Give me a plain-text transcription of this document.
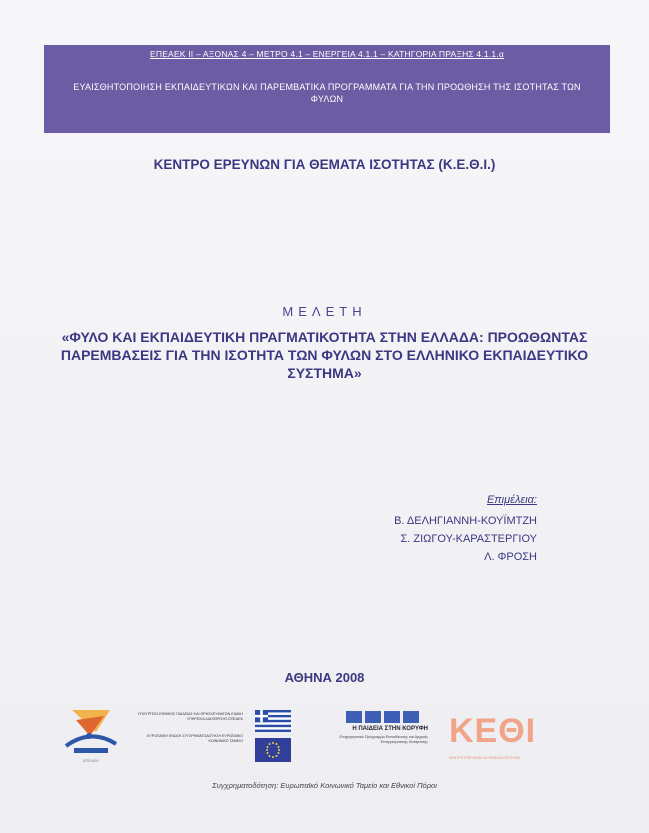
ΕΠΕΑΕΚ ΙΙ – ΑΞΟΝΑΣ 4 – ΜΕΤΡΟ 4.1 – ΕΝΕΡΓΕΙΑ 4.1.1 – ΚΑΤΗΓΟΡΙΑ ΠΡΑΞΗΣ 4.1.1.α
ΕΥΑΙΣΘΗΤΟΠΟΙΗΣΗ ΕΚΠΑΙΔΕΥΤΙΚΩΝ ΚΑΙ ΠΑΡΕΜΒΑΤΙΚΑ ΠΡΟΓΡΑΜΜΑΤΑ ΓΙΑ ΤΗΝ ΠΡΟΩΘΗΣΗ ΤΗΣ ΙΣΟΤΗΤΑΣ ΤΩΝ ΦΥΛΩΝ
ΚΕΝΤΡΟ ΕΡΕΥΝΩΝ ΓΙΑ ΘΕΜΑΤΑ ΙΣΟΤΗΤΑΣ (Κ.Ε.Θ.Ι.)
ΜΕΛΕΤΗ
«ΦΥΛΟ ΚΑΙ ΕΚΠΑΙΔΕΥΤΙΚΗ ΠΡΑΓΜΑΤΙΚΟΤΗΤΑ ΣΤΗΝ ΕΛΛΑΔΑ: ΠΡΟΩΘΩΝΤΑΣ ΠΑΡΕΜΒΑΣΕΙΣ ΓΙΑ ΤΗΝ ΙΣΟΤΗΤΑ ΤΩΝ ΦΥΛΩΝ ΣΤΟ ΕΛΛΗΝΙΚΟ ΕΚΠΑΙΔΕΥΤΙΚΟ ΣΥΣΤΗΜΑ»
Επιμέλεια:
Β. ΔΕΛΗΓΙΑΝΝΗ-ΚΟΥΪΜΤΖΗ
Σ. ΖΙΩΓΟΥ-ΚΑΡΑΣΤΕΡΓΙΟΥ
Λ. ΦΡΟΣΗ
ΑΘΗΝΑ 2008
ΕΠΕΑΕΚ
ΥΠΟΥΡΓΕΙΟ ΕΘΝΙΚΗΣ ΠΑΙΔΕΙΑΣ ΚΑΙ ΘΡΗΣΚΕΥΜΑΤΩΝ ΕΙΔΙΚΗ ΥΠΗΡΕΣΙΑ ΔΙΑΧΕΙΡΙΣΗΣ ΕΠΕΑΕΚ
ΕΥΡΩΠΑΪΚΗ ΕΝΩΣΗ ΣΥΓΧΡΗΜΑΤΟΔΟΤΗΣΗ ΕΥΡΩΠΑΪΚΟ ΚΟΙΝΩΝΙΚΟ ΤΑΜΕΙΟ
Η ΠΑΙΔΕΙΑ ΣΤΗΝ ΚΟΡΥΦΗ
Επιχειρησιακό Πρόγραμμα Εκπαίδευσης και Αρχικής Επαγγελματικής Κατάρτισης ΚΕΘΙ
ΚΕΝΤΡΟ ΕΡΕΥΝΩΝ ΓΙΑ ΘΕΜΑΤΑ ΙΣΟΤΗΤΑΣ
Συγχρηματοδότηση: Ευρωπαϊκό Κοινωνικό Ταμείο και Εθνικοί Πόροι
